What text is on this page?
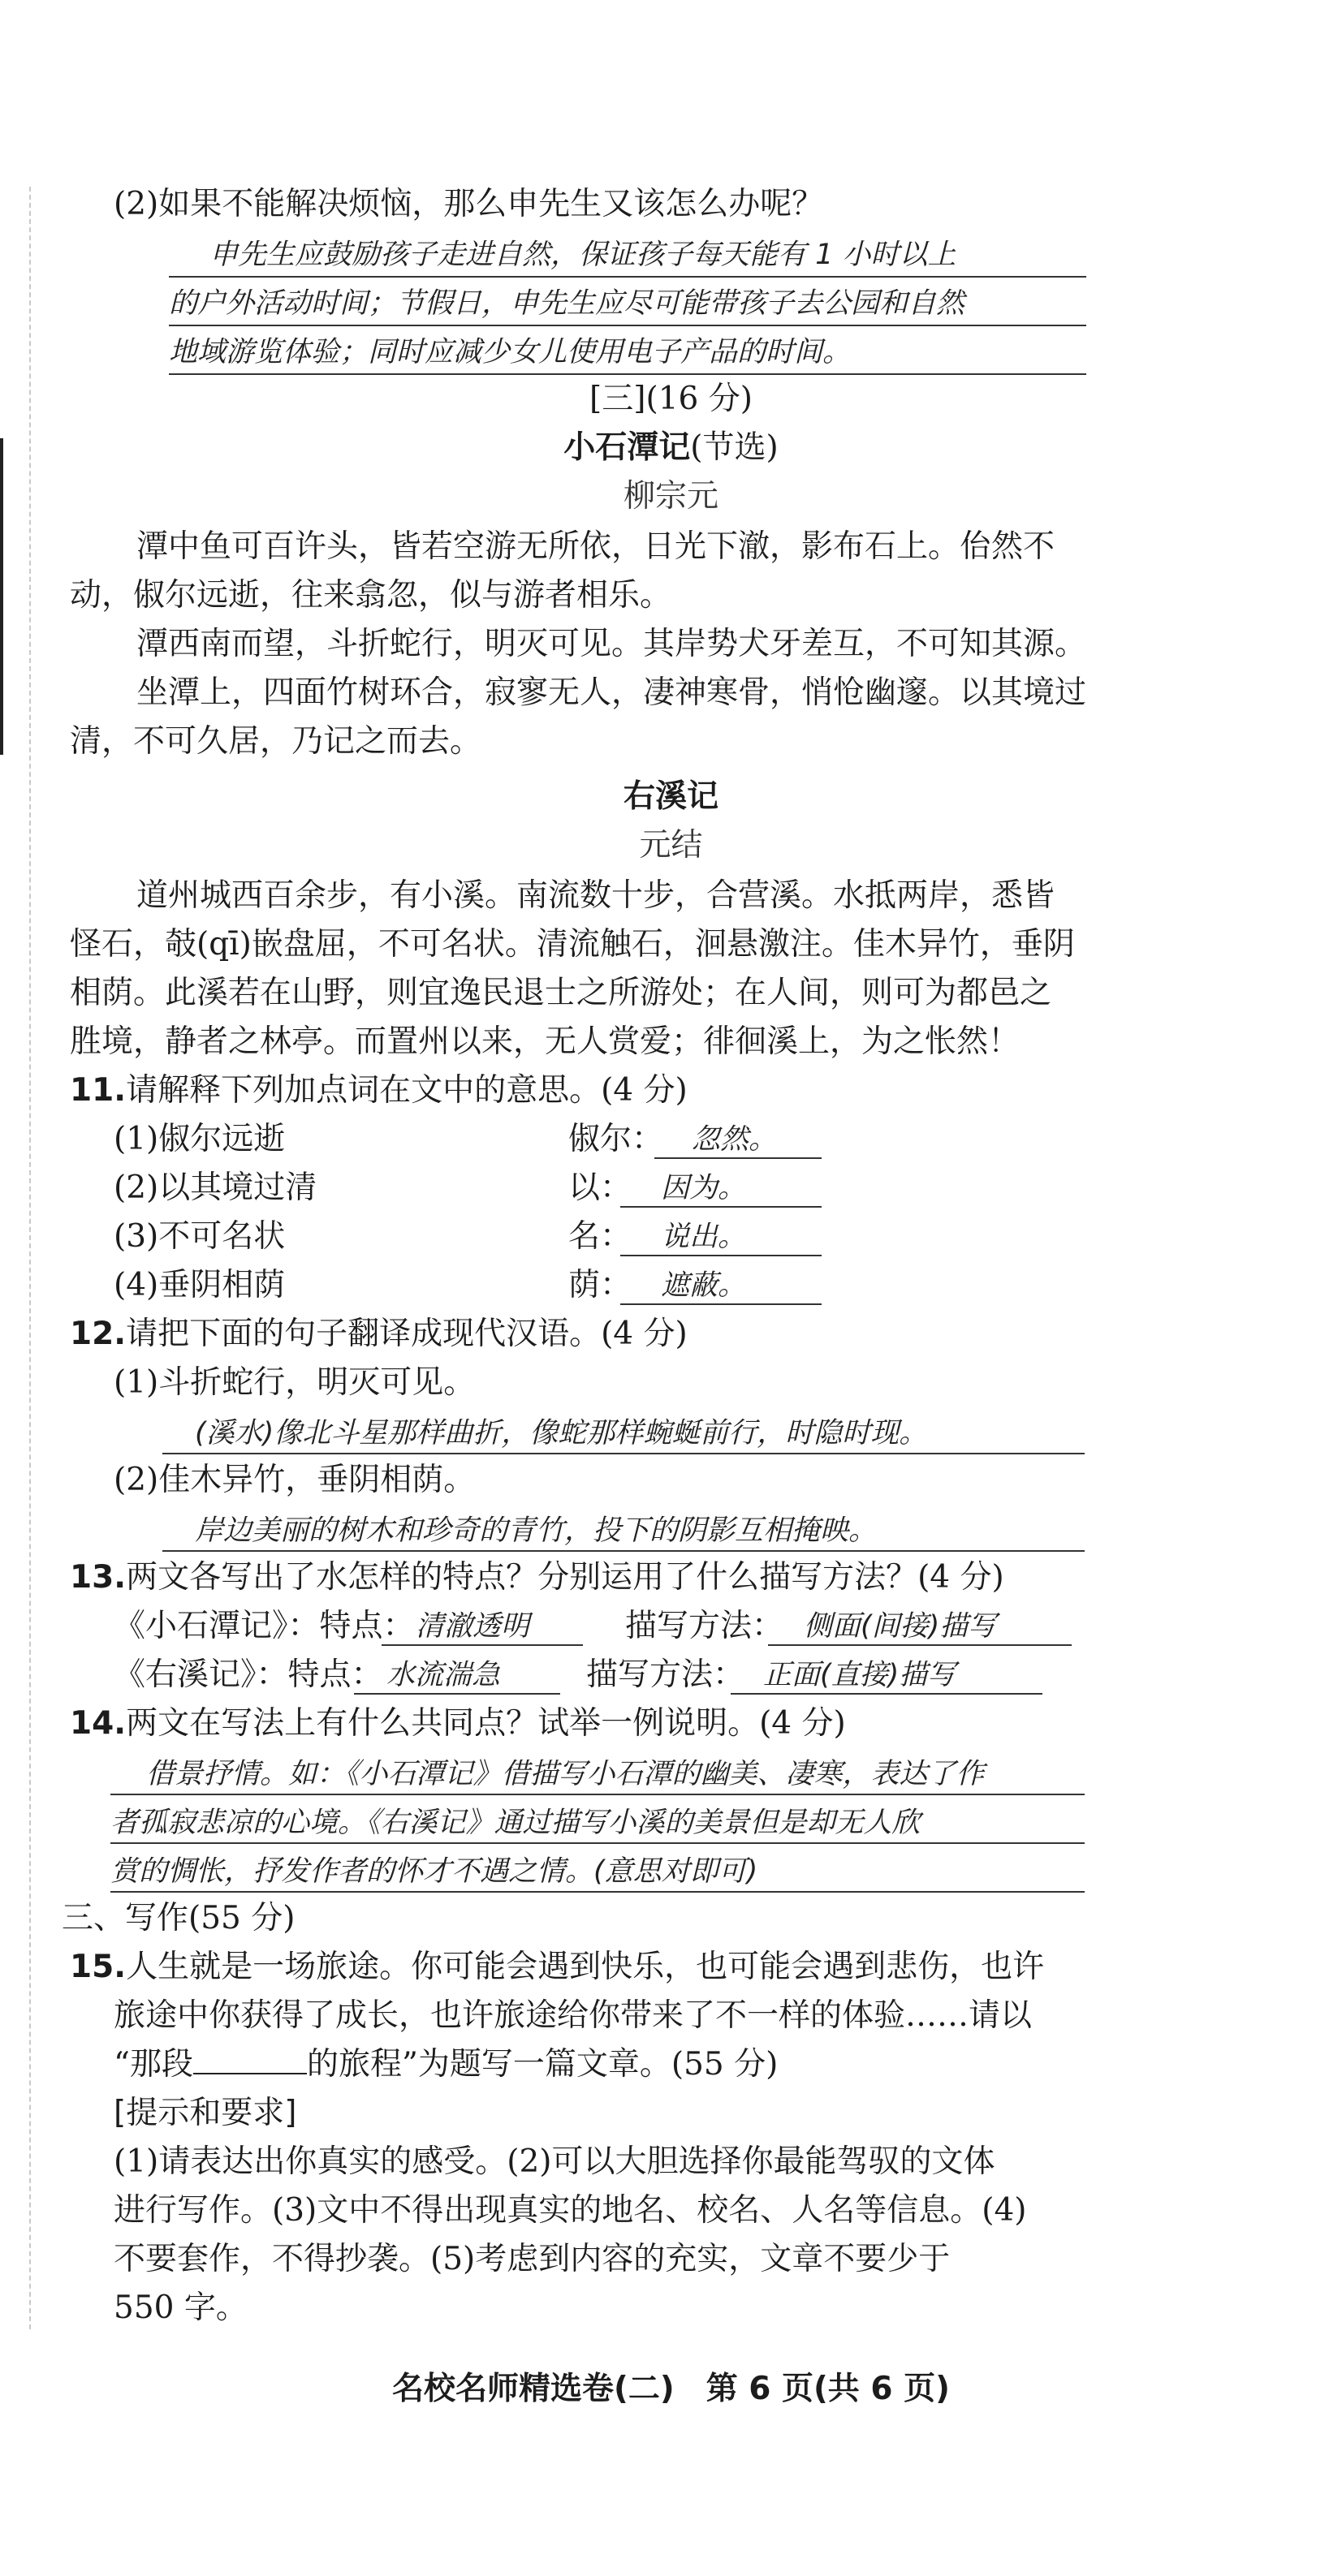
(2)如果不能解决烦恼，那么申先生又该怎么办呢？
申先生应鼓励孩子走进自然，保证孩子每天能有 1 小时以上
的户外活动时间；节假日，申先生应尽可能带孩子去公园和自然
地域游览体验；同时应减少女儿使用电子产品的时间。
[三](16 分)
小石潭记(节选)
柳宗元
潭中鱼可百许头，皆若空游无所依，日光下澈，影布石上。佁然不
动，俶尔远逝，往来翕忽，似与游者相乐。
潭西南而望，斗折蛇行，明灭可见。其岸势犬牙差互，不可知其源。
坐潭上，四面竹树环合，寂寥无人，凄神寒骨，悄怆幽邃。以其境过
清，不可久居，乃记之而去。
右溪记
元结
道州城西百余步，有小溪。南流数十步，合营溪。水抵两岸，悉皆
怪石，攲(qī)嵌盘屈，不可名状。清流触石，洄悬激注。佳木异竹，垂阴
相荫。此溪若在山野，则宜逸民退士之所游处；在人间，则可为都邑之
胜境，静者之林亭。而置州以来，无人赏爱；徘徊溪上，为之怅然！
11.请解释下列加点词在文中的意思。(4 分)
(1)俶尔远逝	俶尔： 忽然。
(2)以其境过清	以： 因为。
(3)不可名状	名： 说出。
(4)垂阴相荫	荫： 遮蔽。
12.请把下面的句子翻译成现代汉语。(4 分)
(1)斗折蛇行，明灭可见。
(溪水)像北斗星那样曲折，像蛇那样蜿蜒前行，时隐时现。
(2)佳木异竹，垂阴相荫。
岸边美丽的树木和珍奇的青竹，投下的阴影互相掩映。
13.两文各写出了水怎样的特点？分别运用了什么描写方法？(4 分)
《小石潭记》：特点： 清澈透明	描写方法： 侧面(间接)描写
《右溪记》：特点： 水流湍急	描写方法： 正面(直接)描写
14.两文在写法上有什么共同点？试举一例说明。(4 分)
借景抒情。如：《小石潭记》借描写小石潭的幽美、凄寒，表达了作
者孤寂悲凉的心境。《右溪记》通过描写小溪的美景但是却无人欣
赏的惆怅，抒发作者的怀才不遇之情。(意思对即可)
三、写作(55 分)
15.人生就是一场旅途。你可能会遇到快乐，也可能会遇到悲伤，也许
旅途中你获得了成长，也许旅途给你带来了不一样的体验……请以
“那段	的旅程”为题写一篇文章。(55 分)
[提示和要求]
(1)请表达出你真实的感受。(2)可以大胆选择你最能驾驭的文体
进行写作。(3)文中不得出现真实的地名、校名、人名等信息。(4)
不要套作，不得抄袭。(5)考虑到内容的充实，文章不要少于
550 字。
名校名师精选卷(二)　第 6 页(共 6 页)
